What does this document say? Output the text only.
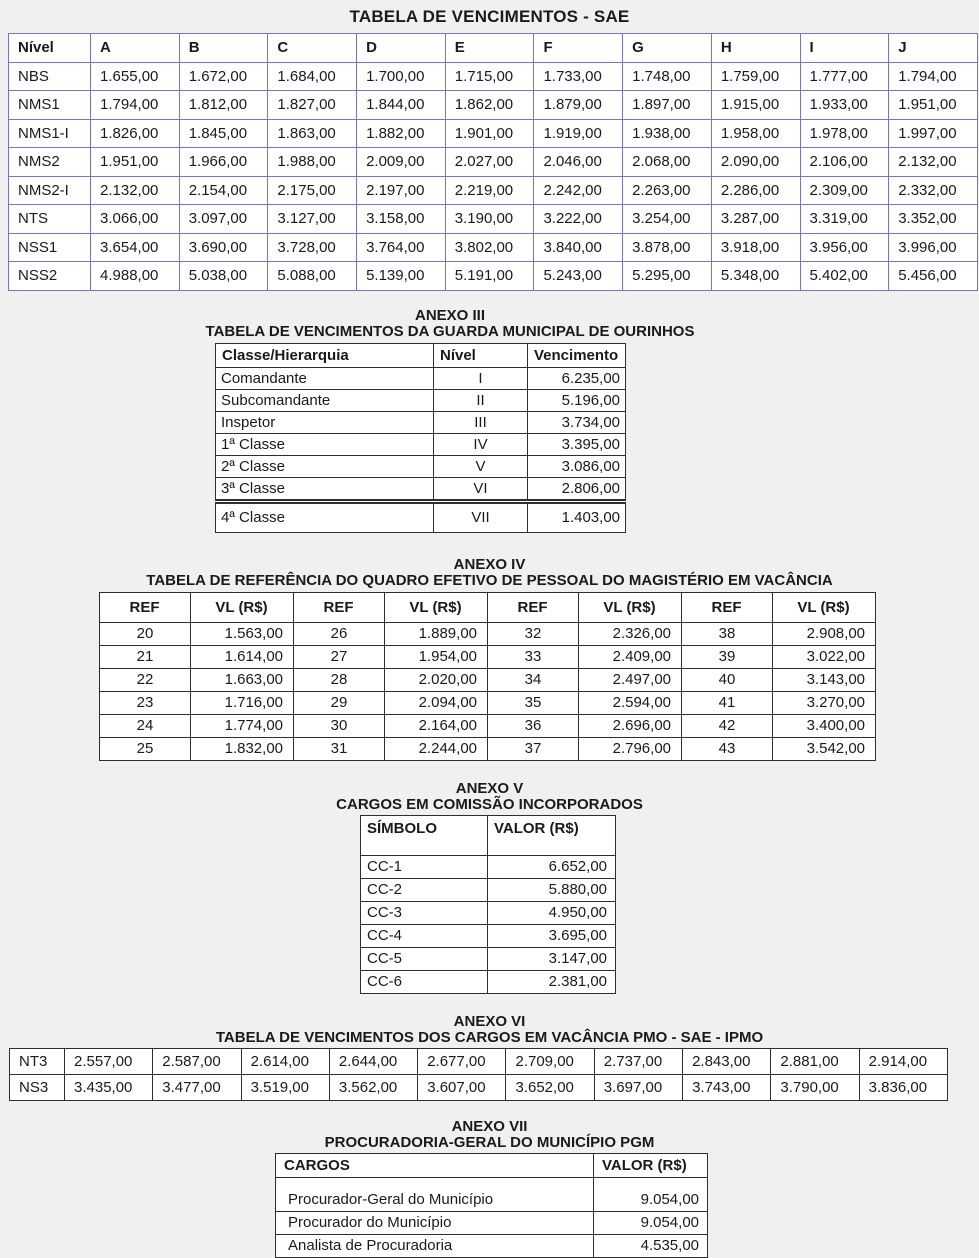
TABELA DE VENCIMENTOS - SAE
Nível	A	B	C	D	E	F	G	H	I	J
NBS	1.655,00	1.672,00	1.684,00	1.700,00	1.715,00	1.733,00	1.748,00	1.759,00	1.777,00	1.794,00
NMS1	1.794,00	1.812,00	1.827,00	1.844,00	1.862,00	1.879,00	1.897,00	1.915,00	1.933,00	1.951,00
NMS1-I	1.826,00	1.845,00	1.863,00	1.882,00	1.901,00	1.919,00	1.938,00	1.958,00	1.978,00	1.997,00
NMS2	1.951,00	1.966,00	1.988,00	2.009,00	2.027,00	2.046,00	2.068,00	2.090,00	2.106,00	2.132,00
NMS2-I	2.132,00	2.154,00	2.175,00	2.197,00	2.219,00	2.242,00	2.263,00	2.286,00	2.309,00	2.332,00
NTS	3.066,00	3.097,00	3.127,00	3.158,00	3.190,00	3.222,00	3.254,00	3.287,00	3.319,00	3.352,00
NSS1	3.654,00	3.690,00	3.728,00	3.764,00	3.802,00	3.840,00	3.878,00	3.918,00	3.956,00	3.996,00
NSS2	4.988,00	5.038,00	5.088,00	5.139,00	5.191,00	5.243,00	5.295,00	5.348,00	5.402,00	5.456,00
ANEXO III
TABELA DE VENCIMENTOS DA GUARDA MUNICIPAL DE OURINHOS
Classe/Hierarquia	Nível	Vencimento
Comandante	I	6.235,00
Subcomandante	II	5.196,00
Inspetor	III	3.734,00
1ª Classe	IV	3.395,00
2ª Classe	V	3.086,00
3ª Classe	VI	2.806,00
4ª Classe	VII	1.403,00
ANEXO IV
TABELA DE REFERÊNCIA DO QUADRO EFETIVO DE PESSOAL DO MAGISTÉRIO EM VACÂNCIA
REF	VL (R$)	REF	VL (R$)	REF	VL (R$)	REF	VL (R$)
20	1.563,00	26	1.889,00	32	2.326,00	38	2.908,00
21	1.614,00	27	1.954,00	33	2.409,00	39	3.022,00
22	1.663,00	28	2.020,00	34	2.497,00	40	3.143,00
23	1.716,00	29	2.094,00	35	2.594,00	41	3.270,00
24	1.774,00	30	2.164,00	36	2.696,00	42	3.400,00
25	1.832,00	31	2.244,00	37	2.796,00	43	3.542,00
ANEXO V
CARGOS EM COMISSÃO INCORPORADOS
SÍMBOLO	VALOR (R$)
CC-1	6.652,00
CC-2	5.880,00
CC-3	4.950,00
CC-4	3.695,00
CC-5	3.147,00
CC-6	2.381,00
ANEXO VI
TABELA DE VENCIMENTOS DOS CARGOS EM VACÂNCIA PMO - SAE - IPMO
NT3	2.557,00	2.587,00	2.614,00	2.644,00	2.677,00	2.709,00	2.737,00	2.843,00	2.881,00	2.914,00
NS3	3.435,00	3.477,00	3.519,00	3.562,00	3.607,00	3.652,00	3.697,00	3.743,00	3.790,00	3.836,00
ANEXO VII
PROCURADORIA-GERAL DO MUNICÍPIO PGM
CARGOS	VALOR (R$)
Procurador-Geral do Município	9.054,00
Procurador do Município	9.054,00
Analista de Procuradoria	4.535,00
